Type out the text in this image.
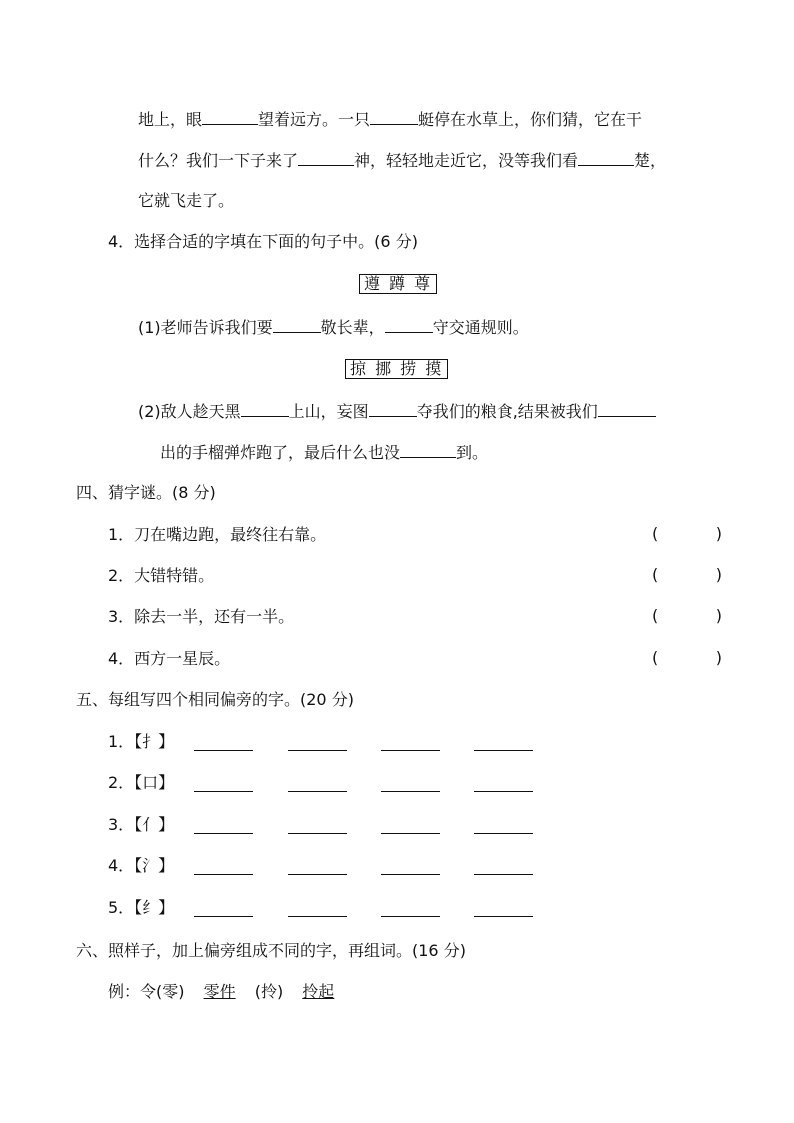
地上，眼	望着远方。一只	蜓停在水草上，你们猜，它在干
什么？我们一下子来了	神，轻轻地走近它，没等我们看	楚，
它就飞走了。
4．选择合适的字填在下面的句子中。(6 分)
遵 蹲 尊
(1)老师告诉我们要	敬长辈，	守交通规则。
掠 挪 捞 摸
(2)敌人趁天黑	上山，妄图	夺我们的粮食,结果被我们
出的手榴弹炸跑了，最后什么也没	到。
四、猜字谜。(8 分)
1．刀在嘴边跑，最终往右靠。	(	)
2．大错特错。	(	)
3．除去一半，还有一半。	(	)
4．西方一星辰。	(	)
五、每组写四个相同偏旁的字。(20 分)
1．【扌】
2．【口】
3．【亻】
4．【氵】
5．【纟】
六、照样子，加上偏旁组成不同的字，再组词。(16 分)
例：令(零) 零件 (拎) 拎起
